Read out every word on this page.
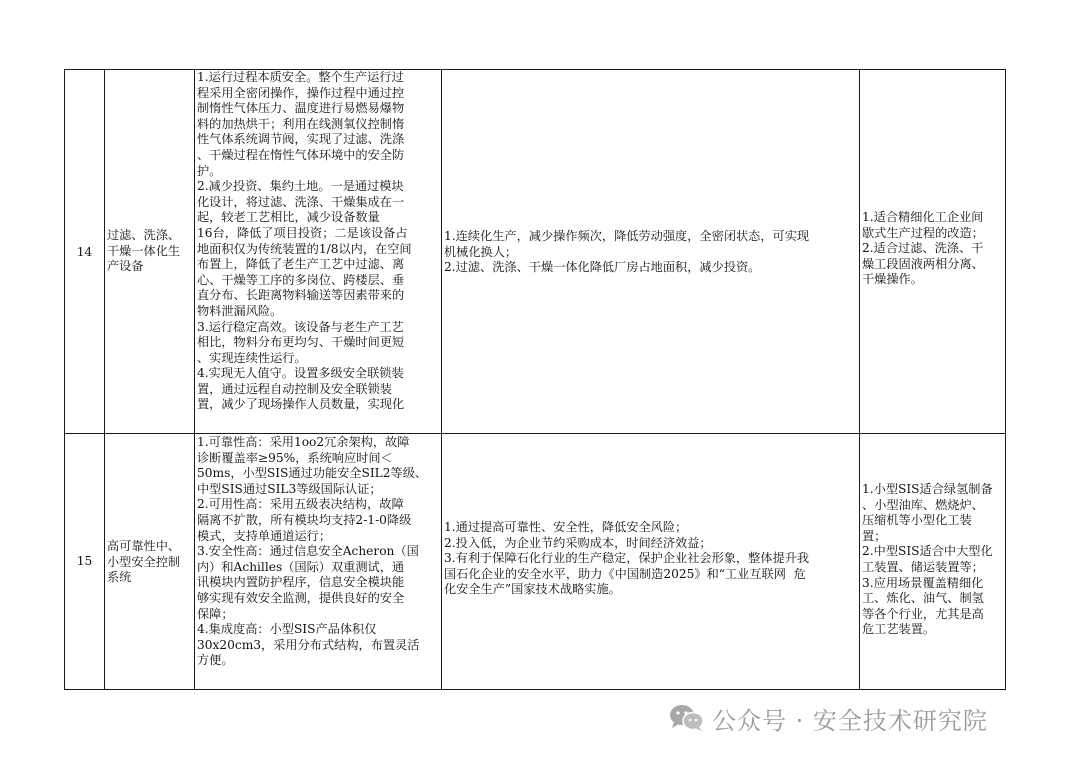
14
过滤、洗涤、
干燥一体化生
产设备
1.运行过程本质安全。整个生产运行过
程采用全密闭操作，操作过程中通过控
制惰性气体压力、温度进行易燃易爆物
料的加热烘干；利用在线测氧仪控制惰
性气体系统调节阀，实现了过滤、洗涤
、干燥过程在惰性气体环境中的安全防
护。
2.减少投资、集约土地。一是通过模块
化设计，将过滤、洗涤、干燥集成在一
起，较老工艺相比，减少设备数量
16台，降低了项目投资；二是该设备占
地面积仅为传统装置的1/8以内，在空间
布置上，降低了老生产工艺中过滤、离
心、干燥等工序的多岗位、跨楼层、垂
直分布、长距离物料输送等因素带来的
物料泄漏风险。
3.运行稳定高效。该设备与老生产工艺
相比，物料分布更均匀、干燥时间更短
、实现连续性运行。
4.实现无人值守。设置多级安全联锁装
置，通过远程自动控制及安全联锁装
置，减少了现场操作人员数量，实现化
1.连续化生产，减少操作频次，降低劳动强度，全密闭状态，可实现
机械化换人；
2.过滤、洗涤、干燥一体化降低厂房占地面积，减少投资。
1.适合精细化工企业间
歇式生产过程的改造；
2.适合过滤、洗涤、干
燥工段固液两相分离、
干燥操作。
15
高可靠性中、
小型安全控制
系统
1.可靠性高：采用1oo2冗余架构，故障
诊断覆盖率≥95%，系统响应时间＜
50ms，小型SIS通过功能安全SIL2等级、
中型SIS通过SIL3等级国际认证；
2.可用性高：采用五级表决结构，故障
隔离不扩散，所有模块均支持2-1-0降级
模式，支持单通道运行；
3.安全性高：通过信息安全Acheron（国
内）和Achilles（国际）双重测试，通
讯模块内置防护程序，信息安全模块能
够实现有效安全监测，提供良好的安全
保障；
4.集成度高：小型SIS产品体积仅
30x20cm3，采用分布式结构，布置灵活
方便。
1.通过提高可靠性、安全性，降低安全风险；
2.投入低，为企业节约采购成本，时间经济效益；
3.有利于保障石化行业的生产稳定，保护企业社会形象，整体提升我
国石化企业的安全水平，助力《中国制造2025》和“工业互联网  危
化安全生产”国家技术战略实施。
1.小型SIS适合绿氢制备
、小型油库、燃烧炉、
压缩机等小型化工装
置；
2.中型SIS适合中大型化
工装置、储运装置等；
3.应用场景覆盖精细化
工、炼化、油气、制氢
等各个行业，尤其是高
危工艺装置。
公众号 · 安全技术研究院
